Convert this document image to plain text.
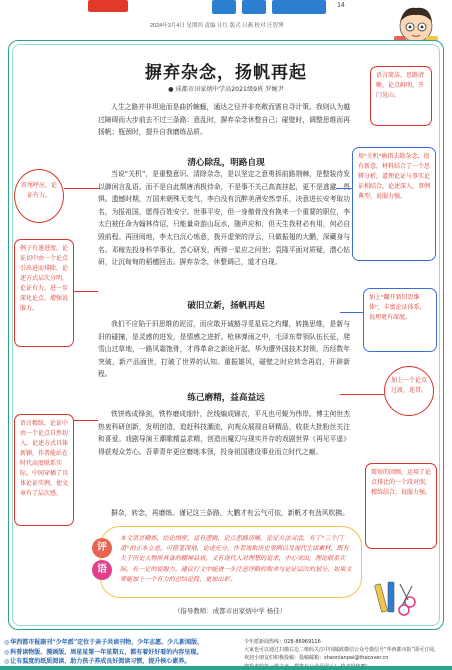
14
2024年3月4日 星期四 责编 计红 版式 吕燕 校对 汪智博
摒弃杂念，扬帆再起
● 成都市田家炳中学高2021级9班 罗婉尹

人生之路并非坦途而是曲折蜿蜒，通达之径并非亮敞而需自寻计策。我则认为越过障碍而大步前去不过三条路：意乱时，摒弃杂念休整自己；碰壁时，调整思维而再扬帆；瓶颈时，提升自我磨练品质。

清心除乱，明路自现

当说“关机”，是重整意识、清除杂念，是以坚定之意勇拆前路荆棘，是整装待发以御闲言乱语。而不是自此颓唐消极待命，不是事不关己高高挂起，更不是逃避、畏惧。遗憾时期，万国来朝殊无变气，李白没有沉醉美酒安然享乐，决意进长安考取功名，为报祖国，愿得百姓安宁。世事平安，但一身傲骨没有换来一个重要的职位，李太白被任命为翰林待诏，只能量奇游山玩水，随声应和，但天生我材必有用，何必自毁前程。再回阅地，李太白沉心炼意，拨开虚荣的浮云，只做振翅的大鹏，深藏身与名。邓稼先投身科学事业，苦心研发，两弹一星应之问世；袁隆平面对质疑，潜心钻研，让沉甸甸的稻穗回击。摒弃杂念，休整调己，道才自现。

破旧立新，扬帆再起

我们不应陷于旧思维的泥沼，而应敢开诚豁寻觅星辰之灼耀，转换思维，是新与旧的碰撞，是灵感的进发，是情感之进折。枪林弹雨之中，毛泽东带领队伍长征，爬雪山过草地，一路风霜饱骨，才得革命之新途开起。华为遭外国技术封锁，历经数年突破，新产品面世，打破了世界的认知。重振雄风，碰壁之时应转念再启，开辟新程。

练己磨精，益高益远

铁饼炼成锋剑，铁柞磨成细针，丝线编成锦衣，平凡也可蜕为伟岸。博主何世杰热衷科研创新，发明创造，追赶科技潮流，向观众展现自研精品，收获大批粉丝关注和喜爱。戏剧导演王潮歌精益求精，创造出魔幻与现实并存的戏剧世界《再见平遥》得获观众芳心。吾辈青年更应磨练本领，投身祖国建设事业而立时代之巅。

摒杂，转念，再磨练。谨记这三条路，大鹏才有云气可依，新帆才有劲风吹拂。

语言简洁，思路清晰，论点鲜明，开门见山。
首尾呼应，论证有力。
用“关机”喻指去除杂念，很有新意，材料结合了一个思辨分析，道理论证与事实论证相结合，论述深入，事例典型，说服力强。
例子有递进度，论证切中由一个论点引出进而排除，论述方式层次分明，论证有力，进一步深化论点，增强说服力。
加上“翻开新旧思维体”，丰富论证体系，说理更有深度。
加上一个论点过渡，连贯。
语言精练，论证中由一个论点自然切入，论述方式具体新颖，作者能站在时代高度联系实际，中间穿插了具体论证实例，使文章有了层次感。
简短的回顾，运用了论点排比的一个段对照，精练结合，说服力强。
评
语
本文语言精炼，结论缜密，富有逻辑，论点思路清晰，论证方法灵活，有了“三个门道”的正本立意，可借鉴深刻，论述充分，作者选取历史事例以及现代生活素材，既有关于历史人物所具备的精神品质，又有现代人对理想的追求，中心突出，理论联系实际，有一定的说服力。建议行文中能进一步注意详略的取舍与论证层次的划分，如果文章能加上一个有力的总结论段，更加出彩。
（指导教师：成都市田家炳中学 杨佳）
◎ 华西都市报副刊“少年派”定位于亲子共读刊物，少年志愿、少儿新闻版、
◎ 科普读物版、漫画版、周星星第一年星期五，都有着好好看的内容呈现。
◎ 让有温度的纸质阅读，助力孩子养成良好阅读习惯，提升核心素养。
少年派新闻热线：028-86969116
大家也可以通过扫描右边二维码关注中国邮政微信公众号微信号“华西都市报”即可订阅。
欢迎小朋友们积极投稿：投稿邮箱：shaonianpai@thecover.cn
